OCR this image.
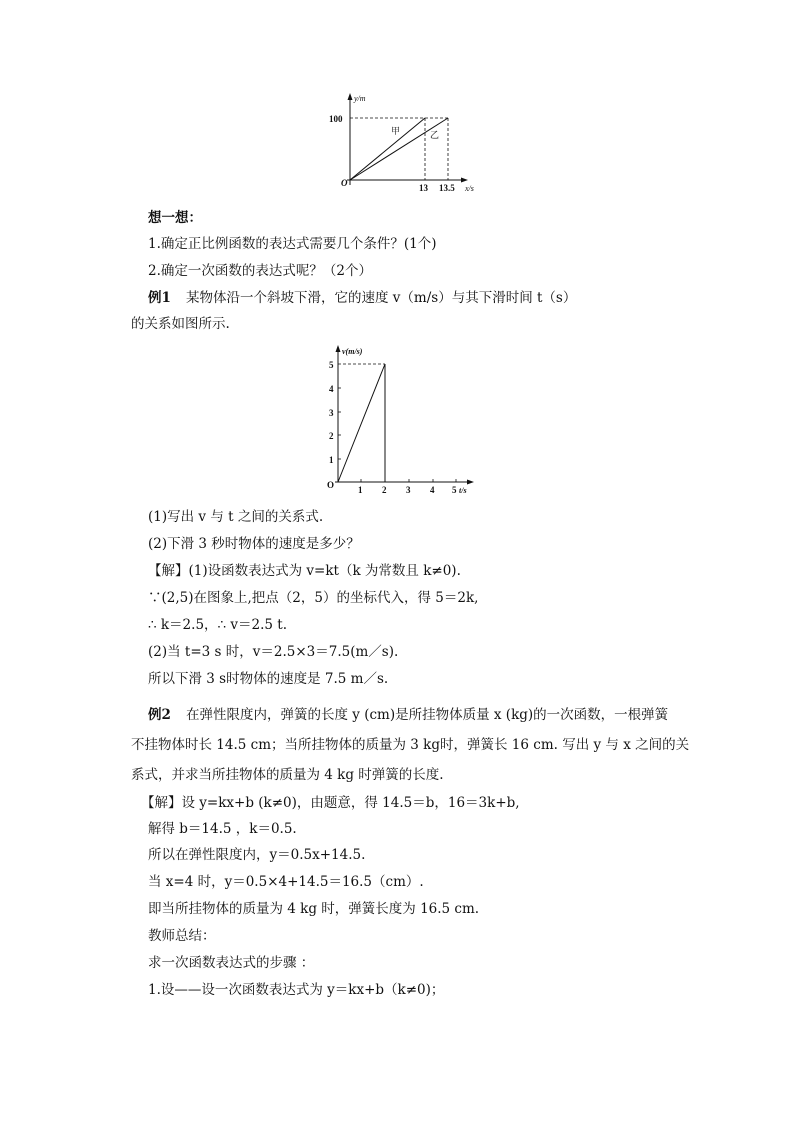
y/m
x/s
100
O	13 13.5
甲	乙
想一想：
1.确定正比例函数的表达式需要几个条件？(1个)
2.确定一次函数的表达式呢？（2个）
例1 某物体沿一个斜坡下滑，它的速度 v（m/s）与其下滑时间 t（s）
的关系如图所示.
v(m/s)
t/s
O
1
2
3
4
5
1 2 3 4 5
(1)写出 v 与 t 之间的关系式.
(2)下滑 3 秒时物体的速度是多少？
【解】(1)设函数表达式为 v=kt（k 为常数且 k≠0).
∵(2,5)在图象上,把点（2，5）的坐标代入，得 5＝2k,
∴ k＝2.5，∴ v＝2.5 t.
(2)当 t=3 s 时，v＝2.5×3＝7.5(m／s).
所以下滑 3 s时物体的速度是 7.5 m／s.
例2 在弹性限度内，弹簧的长度 y (cm)是所挂物体质量 x (kg)的一次函数，一根弹簧
不挂物体时长 14.5 cm；当所挂物体的质量为 3 kg时，弹簧长 16 cm. 写出 y 与 x 之间的关
系式，并求当所挂物体的质量为 4 kg 时弹簧的长度.
【解】设 y=kx+b (k≠0)，由题意，得 14.5＝b，16＝3k+b,
解得 b＝14.5 ，k＝0.5.
所以在弹性限度内，y＝0.5x+14.5.
当 x=4 时，y＝0.5×4+14.5＝16.5（cm）.
即当所挂物体的质量为 4 kg 时，弹簧长度为 16.5 cm.
教师总结：
求一次函数表达式的步骤 ：
1.设——设一次函数表达式为 y＝kx+b（k≠0)；
